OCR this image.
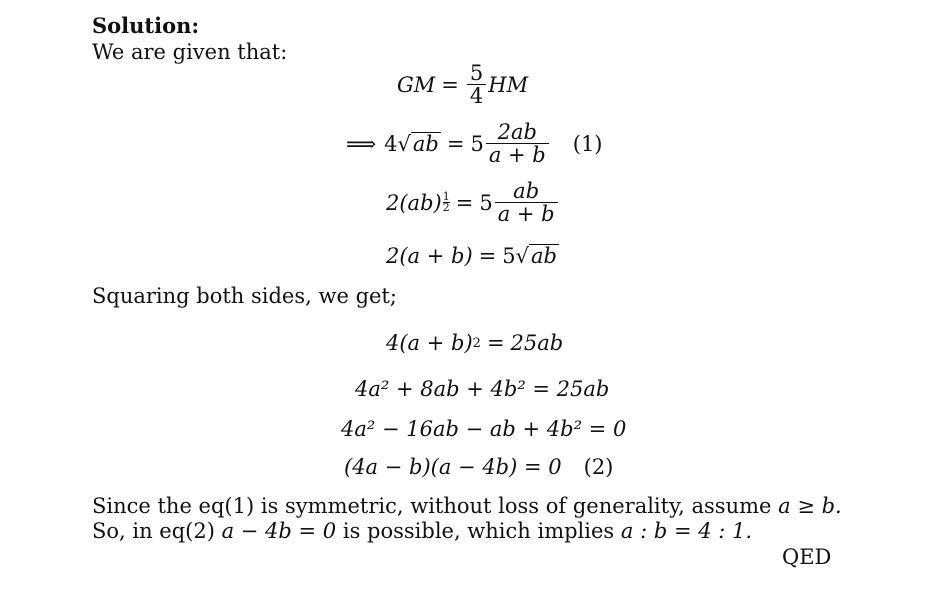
Solution:
We are given that:
GM = $\frac{5}{4}$ HM
⟹ 4 √ ab = $5 \frac{2ab}{a + b} (1)$
$2(ab) \frac{1}{2} = 5 \frac{ab}{a + b}$
2(a + b) = 5 √ ab
Squaring both sides, we get;
4(a + b) 2 = 25ab
4a² + 8ab + 4b² = 25ab
4a² − 16ab − ab + 4b² = 0
(4a − b)(a − 4b) = 0 (2)
Since the eq(1) is symmetric, without loss of generality, assume a ≥ b.
So, in eq(2) a − 4b = 0 is possible, which implies a : b = 4 : 1.
QED
